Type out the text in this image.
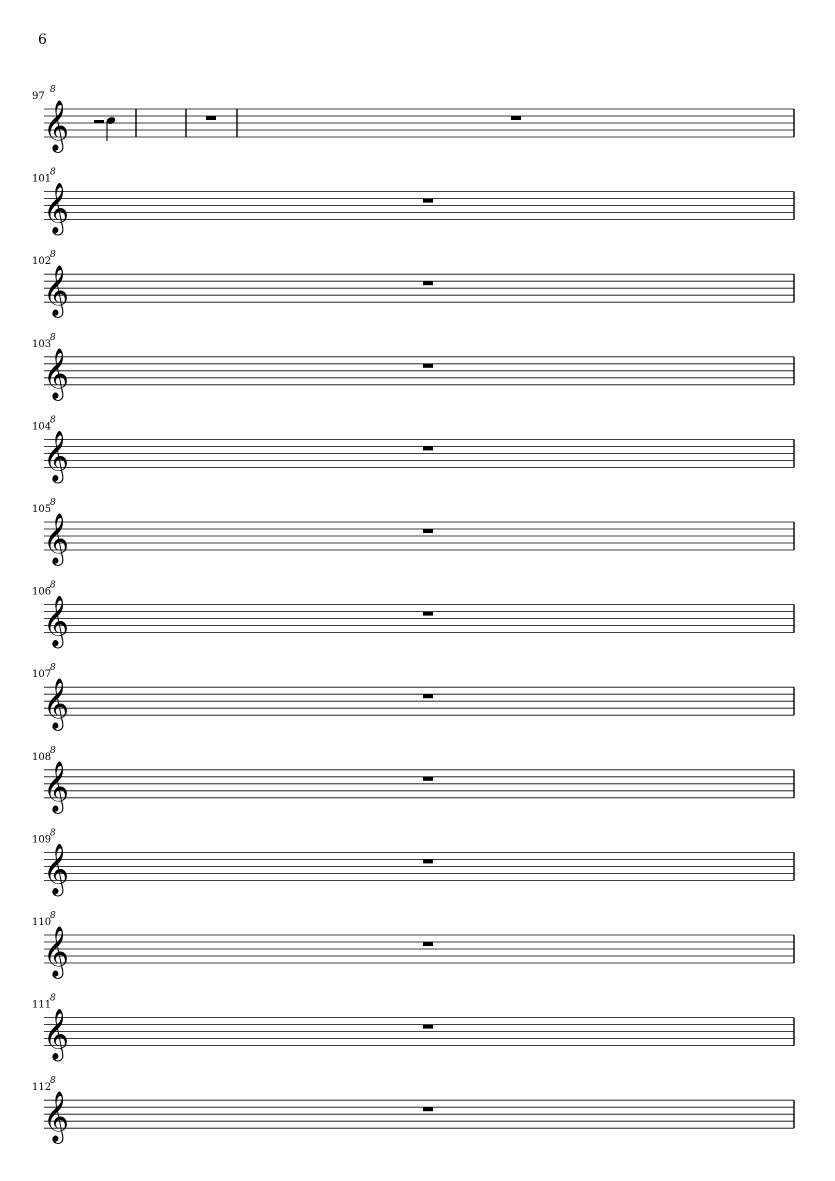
6
97
8
𝄞
101
8
𝄞
102
8
𝄞
103
8
𝄞
104
8
𝄞
105
8
𝄞
106
8
𝄞
107
8
𝄞
108
8
𝄞
109
8
𝄞
110
8
𝄞
111
8
𝄞
112
8
𝄞
